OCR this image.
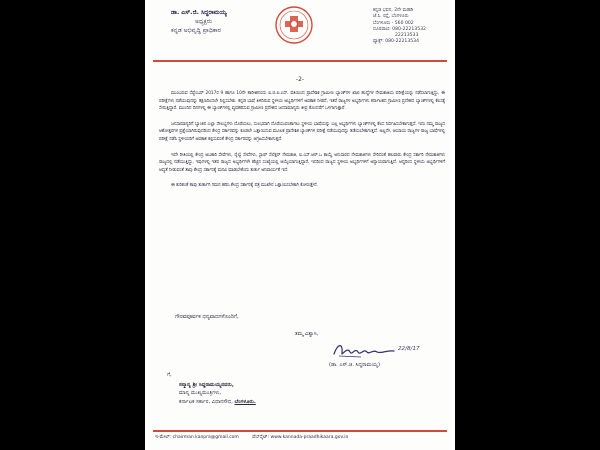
ಡಾ. ಎಸ್.ಜಿ. ಸಿದ್ಧರಾಮಯ್ಯ
ಅಧ್ಯಕ್ಷರು
ಕನ್ನಡ ಅಭಿವೃದ್ಧಿ ಪ್ರಾಧಿಕಾರ
ಕನ್ನಡ ಭವನ, 2ನೇ ಮಹಡಿ
ಜೆ.ಸಿ. ರಸ್ತೆ, ಬೆಂಗಳೂರು
ಬೆಂಗಳೂರು - 560 002
ದೂರವಾಣಿ: 080-22213532
22213533
ಫ್ಯಾಕ್ಸ್: 080-22213534
-2-

ಮುಂಬರುವ ಸೆಪ್ಟೆಂಬರ್ 2017ರ 9 ಹಾಗೂ 10ನೇ ತಾರೀಖಿನಂದು ಐ.ಬಿ.ಪಿ.ಎಸ್. ವತಿಯಿಂದ ಪ್ರಾದೇಶಿಕ ಗ್ರಾಮೀಣ ಬ್ಯಾಂಕ್‌ಗಳ ಖಾಲಿ ಹುದ್ದೆಗಳ ನೇಮಕಾತಿಯ ಪರೀಕ್ಷೆಯನ್ನು ನಡೆಸಲಾಗುತ್ತಿದ್ದು, ಈ ಪರೀಕ್ಷೆಗಳು ನಡೆಯುವುದನ್ನು ತಕ್ಷಣದಿಂದಲೇ ನಿಲ್ಲಿಸಬೇಕು. ಕನ್ನಡ ಭಾಷೆ ತಿಳಿದಿರುವ ಸ್ಥಳೀಯ ಅಭ್ಯರ್ಥಿಗಳಿಗೆ ಅವಕಾಶ ನೀಡದೆ, ಇತರೆ ರಾಜ್ಯಗಳ ಅಭ್ಯರ್ಥಿಗಳು ಕರ್ನಾಟಕದ ಗ್ರಾಮೀಣ ಪ್ರದೇಶದ ಬ್ಯಾಂಕ್‌ಗಳಲ್ಲಿ ಕೆಲಸಕ್ಕೆ ಸೇರುತ್ತಿದ್ದಾರೆ. ಮುಂದಿನ ದಿನಗಳಲ್ಲಿ ಈ ಬ್ಯಾಂಕ್‌ಗಳಲ್ಲಿ ವ್ಯವಹರಿಸುವ ಗ್ರಾಮೀಣ ಪ್ರದೇಶದ ಜನಸಾಮಾನ್ಯರು ತೀವ್ರ ತೊಂದರೆಗೆ ಒಳಗಾಗುತ್ತಾರೆ.

ಜನಸಾಮಾನ್ಯರಿಗೆ ಬ್ಯಾಂಕಿನ ಎಲ್ಲಾ ಸೌಲಭ್ಯಗಳು ದೊರೆಯಲು, ಸುಲಭವಾಗಿ ದೊರೆಯುವಂತಾಗಲು ಸ್ಥಳೀಯ ಭಾಷೆಯನ್ನು ಬಲ್ಲ ಅಭ್ಯರ್ಥಿಗಳು ಬ್ಯಾಂಕ್‌ಗಳಲ್ಲಿ ಕೆಲಸ ನಿರ್ವಹಿಸಬೇಕಾಗುತ್ತದೆ. ಇದು ನಮ್ಮ ರಾಜ್ಯದ ಆಶೋತ್ತರಗಳ ಪ್ರಶ್ನೆಯಾಗಿರುವುದರಿಂದ ಕೇಂದ್ರ ಸರ್ಕಾರವನ್ನು ಕೂಡಲೇ ಒತ್ತಾಯಿಸುವ ಮೂಲಕ ಪ್ರಾದೇಶಿಕ ಬ್ಯಾಂಕ್‌ಗಳ ಪರೀಕ್ಷೆ ನಡೆಯುವುದನ್ನು ತಡೆಯಬೇಕಾಗುತ್ತದೆ. ಅಲ್ಲದೇ, ಆಯಾಯ ರಾಜ್ಯಗಳ ರಾಜ್ಯ ಭಾಷೆಗಳಲ್ಲಿ ಪರೀಕ್ಷೆ ನಡೆಸಿ ಸ್ಥಳೀಯರಿಗೆ ಅವಕಾಶ ಕಲ್ಪಿಸುವಂತೆ ಕೇಂದ್ರ ಸರ್ಕಾರವನ್ನು ಆಗ್ರಹಿಸಬೇಕಾಗುತ್ತದೆ.

ಇದೇ ರೀತಿಯಲ್ಲಿ ಕೇಂದ್ರ ಅಬಕಾರಿ ಸೇವೆಗಳು, ರೈಲ್ವೆ ಸೇವೆಗಳು, ಸ್ಟಾಫ್ ಸೆಲೆಕ್ಷನ್ ನೇಮಕಾತಿ, ಐ.ಎಸ್.ಆರ್.ಒ ಕಾಯ್ದೆ ಅನುಸಾರದ ನೇಮಕಾತಿಗಳು ಸೇರಿದಂತೆ ಹಲವಾರು ಕೇಂದ್ರ ಸರ್ಕಾರಿ ನೇಮಕಾತಿಗಳು ರಾಜ್ಯದಲ್ಲಿ ನಡೆಯುತ್ತಿದ್ದು, ಇವುಗಳಲ್ಲಿ ಇತರ ರಾಜ್ಯದ ಅಭ್ಯರ್ಥಿಗಳೇ ಹೆಚ್ಚಿನ ಸಂಖ್ಯೆಯಲ್ಲಿ ಆಯ್ಕೆಯಾಗುತ್ತಿದ್ದಾರೆ. ಇದರಿಂದ ರಾಜ್ಯದ ಸ್ಥಳೀಯ ಅಭ್ಯರ್ಥಿಗಳಿಗೆ ಅನ್ಯಾಯವಾಗುತ್ತಿದೆ. ಆದ್ದರಿಂದ ಸ್ಥಳೀಯ ಅಭ್ಯರ್ಥಿಗಳಿಗೆ ಆದ್ಯತೆ ನೀಡುವಂತೆ ತಾವು ಕೇಂದ್ರ ಸರ್ಕಾರಕ್ಕೆ ಮನವಿ ಮಾಡಬೇಕೆಂದು ತುರ್ತು ಅನಿವಾರ್ಯತೆ ಇದೆ.

ಈ ಕುರಿತಂತೆ ತಾವು ತುರ್ತಾಗಿ ಗಮನ ಹರಿಸಿ ಕೇಂದ್ರ ಸರ್ಕಾರಕ್ಕೆ ಪತ್ರ ಮುಖೇನ ಒತ್ತಾಯಿಸಬೇಕಾಗಿ ಕೋರುತ್ತೇನೆ.

ಗೌರವಪೂರ್ವಕ ಧನ್ಯವಾದಗಳೊಂದಿಗೆ,
ತಮ್ಮ ವಿಶ್ವಾಸಿ,
22/8/17
(ಡಾ. ಎಸ್.ಜಿ. ಸಿದ್ಧರಾಮಯ್ಯ)
ಗೆ,
ಸನ್ಮಾನ್ಯ ಶ್ರೀ ಸಿದ್ಧರಾಮಯ್ಯನವರು,
ಮಾನ್ಯ ಮುಖ್ಯಮಂತ್ರಿಗಳು,
ಕರ್ನಾಟಕ ಸರ್ಕಾರ, ವಿಧಾನಸೌಧ, ಬೆಂಗಳೂರು.
ಇ-ಮೇಲ್: chairman.kanpra@gmail.com	ವೆಬ್‌ಸೈಟ್: www.kannada-praadhikaara.gov.in
